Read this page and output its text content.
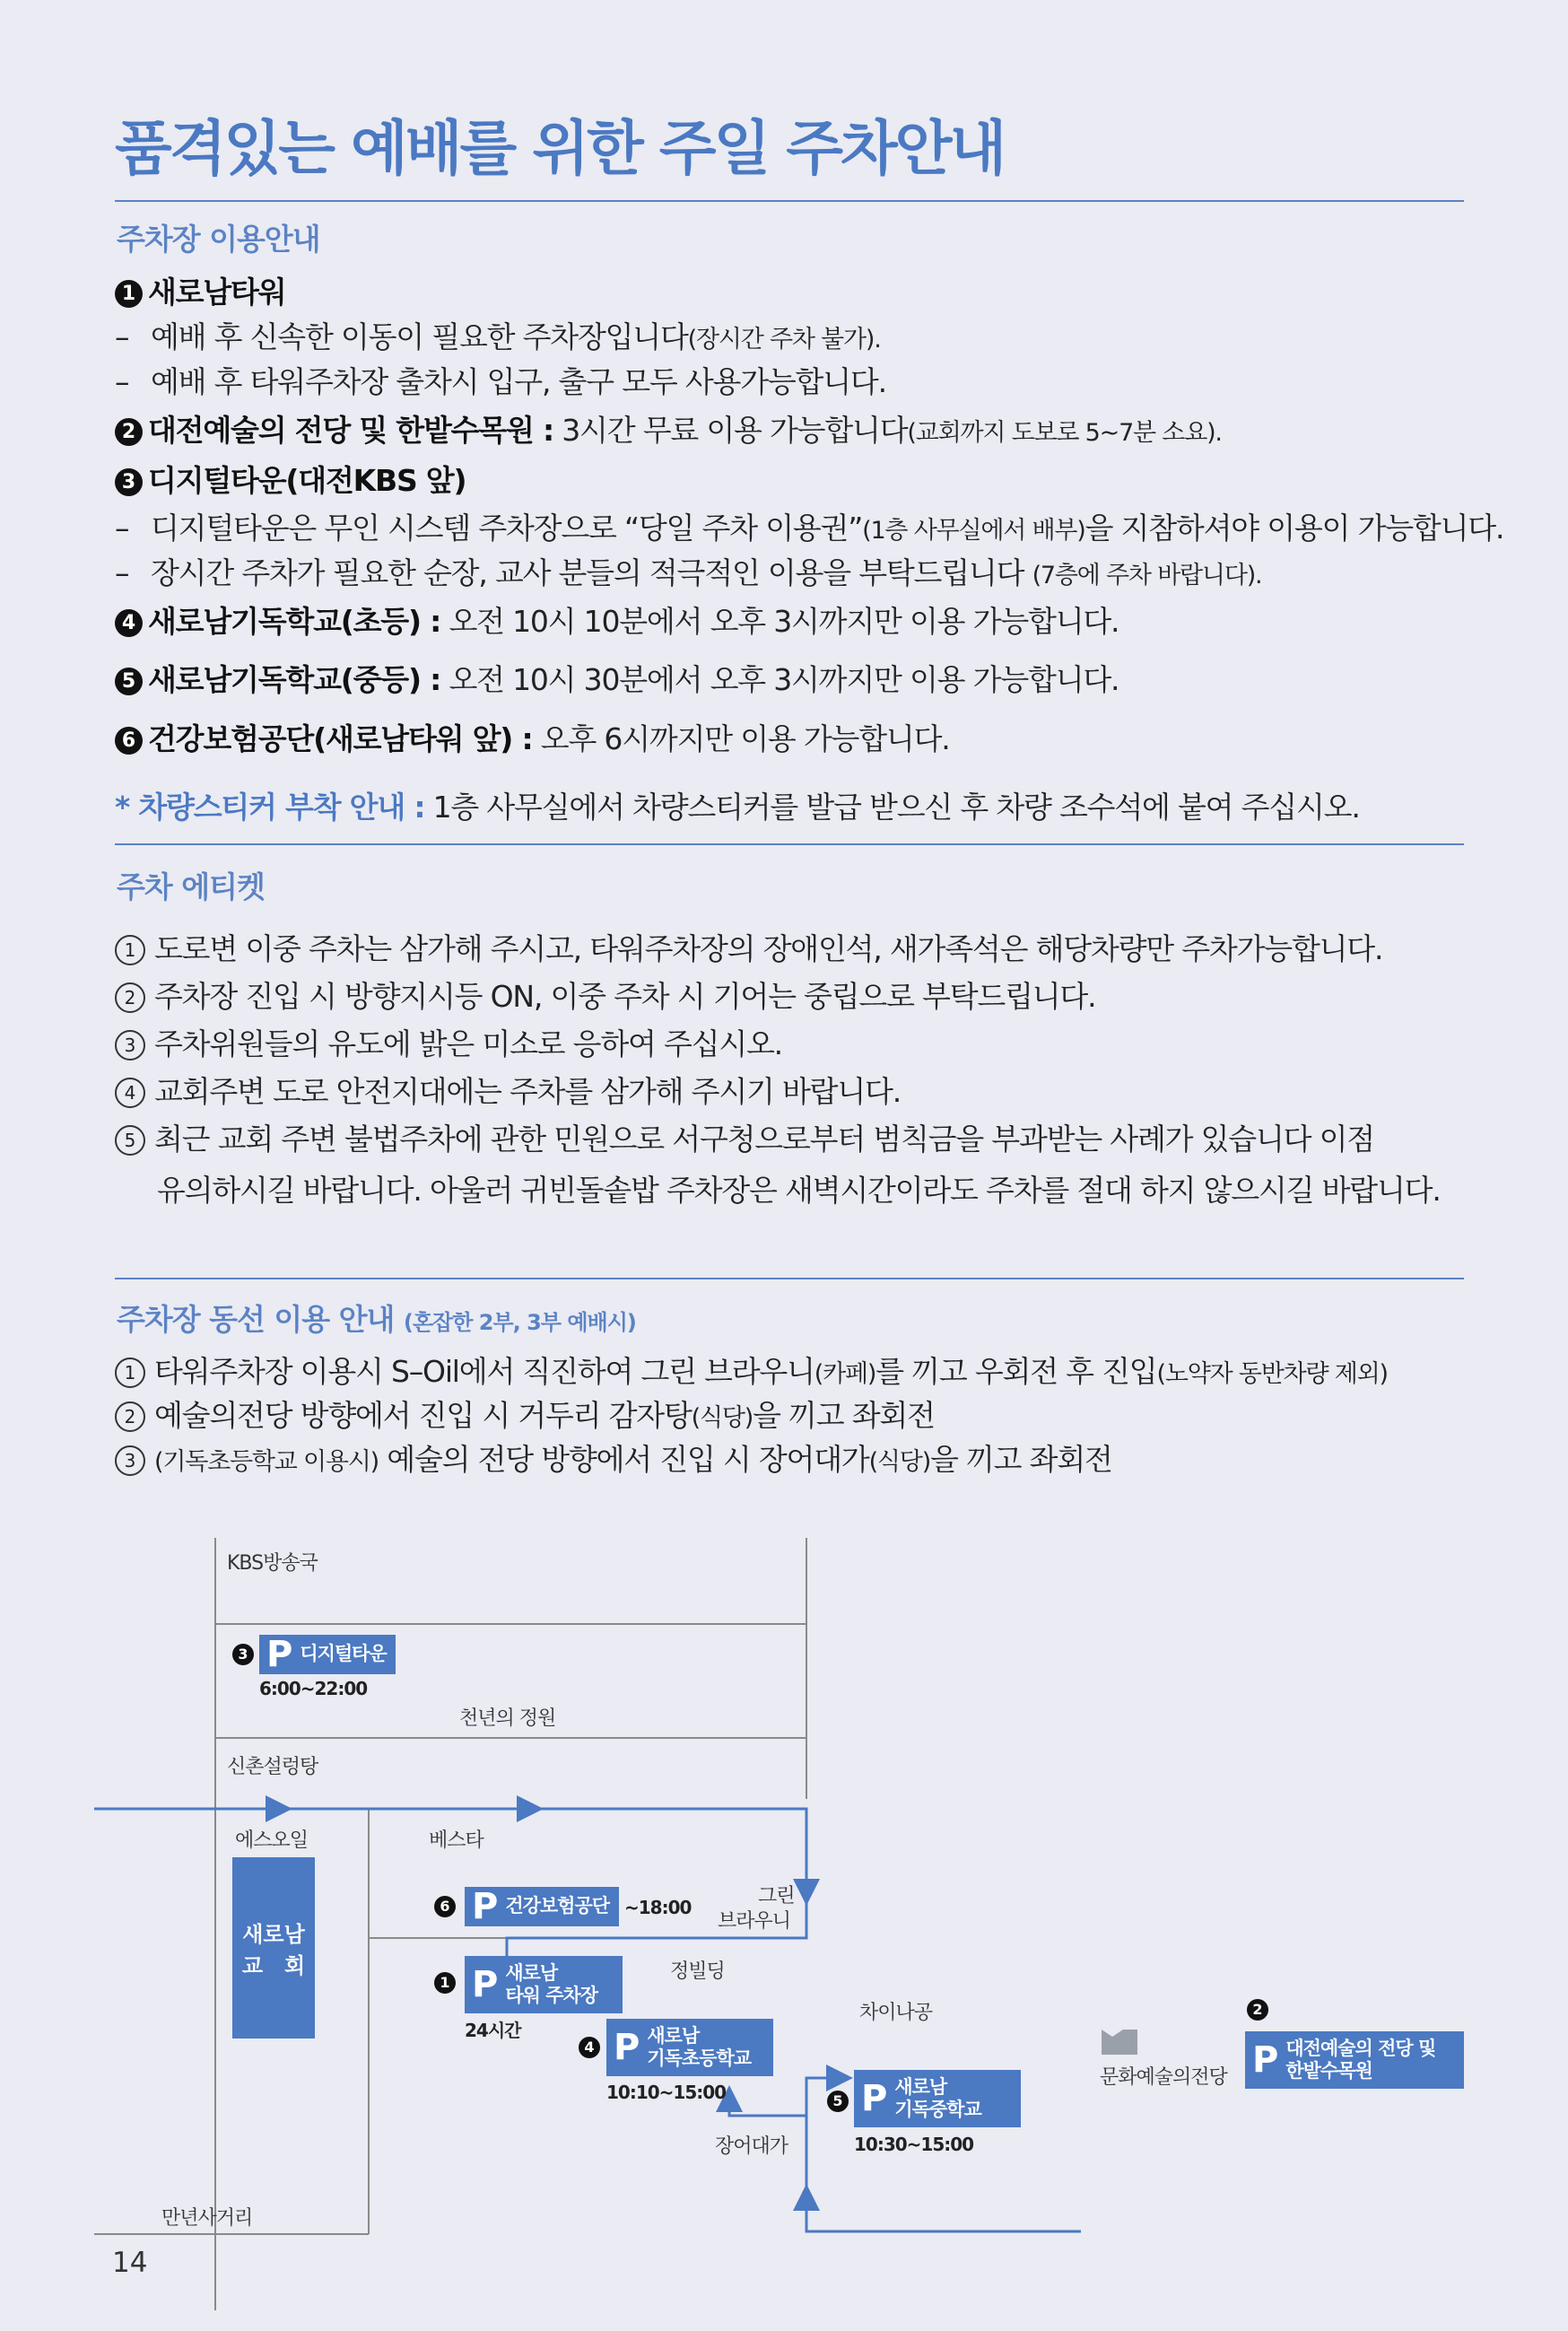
품격있는 예배를 위한 주일 주차안내
주차장 이용안내
1 새로남타워
– 예배 후 신속한 이동이 필요한 주차장입니다(장시간 주차 불가).
– 예배 후 타워주차장 출차시 입구, 출구 모두 사용가능합니다.
2 대전예술의 전당 및 한밭수목원 : 3시간 무료 이용 가능합니다(교회까지 도보로 5~7분 소요).
3 디지털타운(대전KBS 앞)
– 디지털타운은 무인 시스템 주차장으로 “당일 주차 이용권”(1층 사무실에서 배부)을 지참하셔야 이용이 가능합니다.
– 장시간 주차가 필요한 순장, 교사 분들의 적극적인 이용을 부탁드립니다 (7층에 주차 바랍니다).
4 새로남기독학교(초등) : 오전 10시 10분에서 오후 3시까지만 이용 가능합니다.
5 새로남기독학교(중등) : 오전 10시 30분에서 오후 3시까지만 이용 가능합니다.
6 건강보험공단(새로남타워 앞) : 오후 6시까지만 이용 가능합니다.
* 차량스티커 부착 안내 : 1층 사무실에서 차량스티커를 발급 받으신 후 차량 조수석에 붙여 주십시오.
주차 에티켓
1 도로변 이중 주차는 삼가해 주시고, 타워주차장의 장애인석, 새가족석은 해당차량만 주차가능합니다.
2 주차장 진입 시 방향지시등 ON, 이중 주차 시 기어는 중립으로 부탁드립니다.
3 주차위원들의 유도에 밝은 미소로 응하여 주십시오.
4 교회주변 도로 안전지대에는 주차를 삼가해 주시기 바랍니다.
5 최근 교회 주변 불법주차에 관한 민원으로 서구청으로부터 범칙금을 부과받는 사례가 있습니다 이점
유의하시길 바랍니다. 아울러 귀빈돌솥밥 주차장은 새벽시간이라도 주차를 절대 하지 않으시길 바랍니다.
주차장 동선 이용 안내 (혼잡한 2부, 3부 예배시)
1 타워주차장 이용시 S–Oil에서 직진하여 그린 브라우니(카페)를 끼고 우회전 후 진입(노약자 동반차량 제외)
2 예술의전당 방향에서 진입 시 거두리 감자탕(식당)을 끼고 좌회전
3 (기독초등학교 이용시) 예술의 전당 방향에서 진입 시 장어대가(식당)을 끼고 좌회전
KBS방송국
3 P 디지털타운
6:00~22:00
천년의 정원
신촌설렁탕
에스오일	베스타
새로남
교　회
6 P 건강보험공단 ~18:00	그린
브라우니
1 P 새로남
타워 주차장
24시간
정빌딩
4 P 새로남
기독초등학교
10:10~15:00
차이나공
장어대가
5 P 새로남
기독중학교
10:30~15:00
2
P 대전예술의 전당 및
한밭수목원
문화예술의전당
만년사거리
14
